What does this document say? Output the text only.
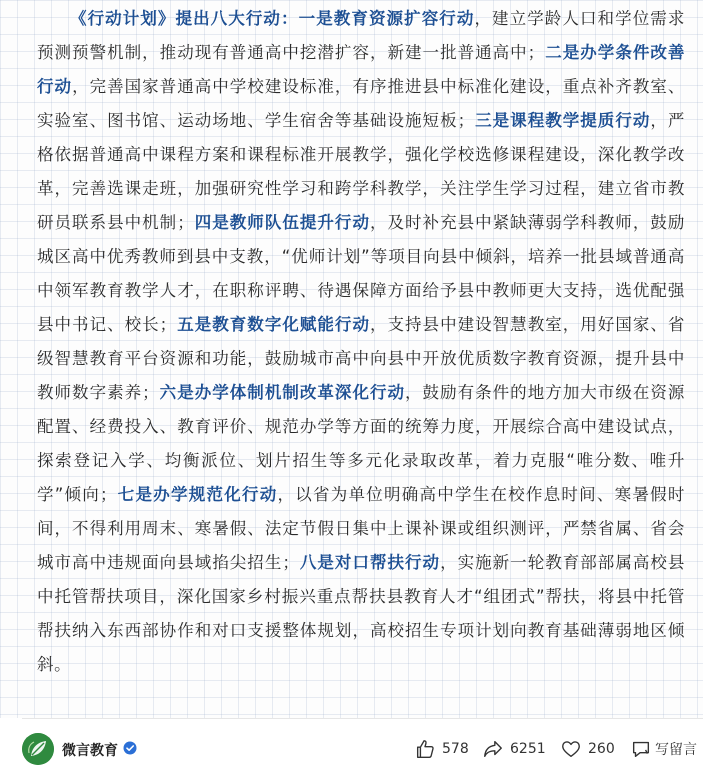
《行动计划》提出八大行动：一是教育资源扩容行动，建立学龄人口和学位需求预测预警机制，推动现有普通高中挖潜扩容，新建一批普通高中；二是办学条件改善行动，完善国家普通高中学校建设标准，有序推进县中标准化建设，重点补齐教室、实验室、图书馆、运动场地、学生宿舍等基础设施短板；三是课程教学提质行动，严格依据普通高中课程方案和课程标准开展教学，强化学校选修课程建设，深化教学改革，完善选课走班，加强研究性学习和跨学科教学，关注学生学习过程，建立省市教研员联系县中机制；四是教师队伍提升行动，及时补充县中紧缺薄弱学科教师，鼓励城区高中优秀教师到县中支教，“优师计划”等项目向县中倾斜，培养一批县域普通高中领军教育教学人才，在职称评聘、待遇保障方面给予县中教师更大支持，选优配强县中书记、校长；五是教育数字化赋能行动，支持县中建设智慧教室，用好国家、省级智慧教育平台资源和功能，鼓励城市高中向县中开放优质数字教育资源，提升县中教师数字素养；六是办学体制机制改革深化行动，鼓励有条件的地方加大市级在资源配置、经费投入、教育评价、规范办学等方面的统筹力度，开展综合高中建设试点，探索登记入学、均衡派位、划片招生等多元化录取改革，着力克服“唯分数、唯升学”倾向；七是办学规范化行动，以省为单位明确高中学生在校作息时间、寒暑假时间，不得利用周末、寒暑假、法定节假日集中上课补课或组织测评，严禁省属、省会城市高中违规面向县域掐尖招生；八是对口帮扶行动，实施新一轮教育部部属高校县中托管帮扶项目，深化国家乡村振兴重点帮扶县教育人才“组团式”帮扶，将县中托管帮扶纳入东西部协作和对口支援整体规划，高校招生专项计划向教育基础薄弱地区倾斜。

微言教育	578	6251	260	写留言
